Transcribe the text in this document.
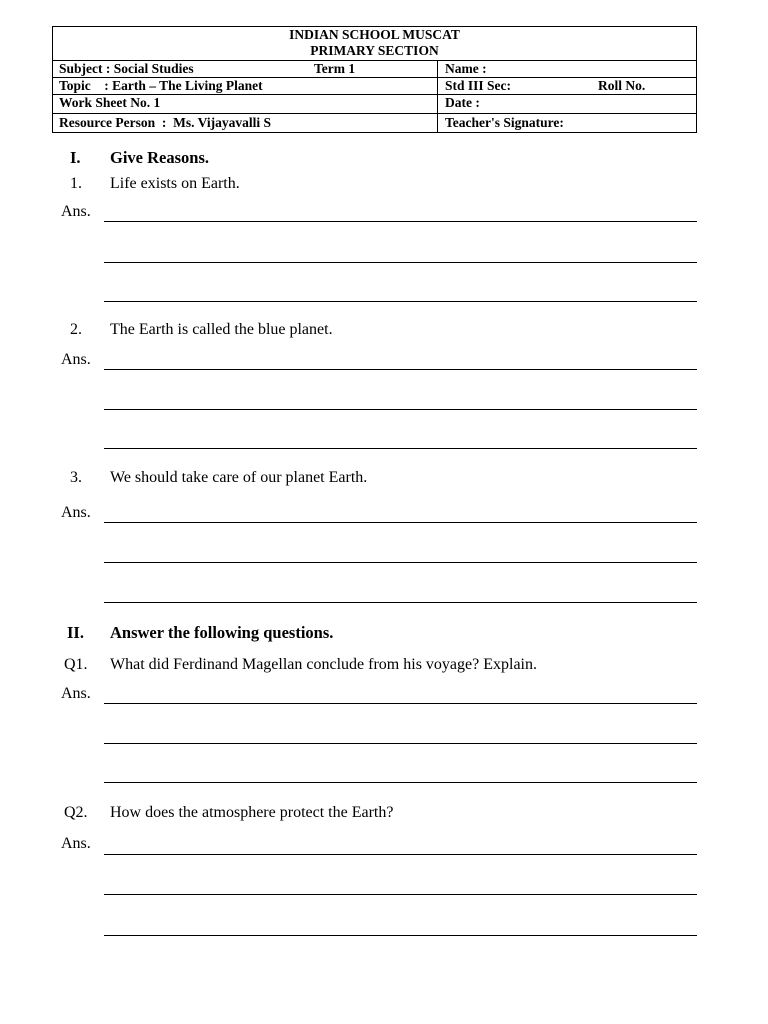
INDIAN SCHOOL MUSCAT
PRIMARY SECTION
Subject : Social Studies	Term 1	Name :
Topic    : Earth – The Living Planet	Std III Sec:	Roll No.
Work Sheet No. 1	Date :
Resource Person  :  Ms. Vijayavalli S	Teacher's Signature:
I. Give Reasons.
1. Life exists on Earth.
Ans.
2. The Earth is called the blue planet.
Ans.
3. We should take care of our planet Earth.
Ans.
II. Answer the following questions.
Q1. What did Ferdinand Magellan conclude from his voyage? Explain.
Ans.
Q2. How does the atmosphere protect the Earth?
Ans.
